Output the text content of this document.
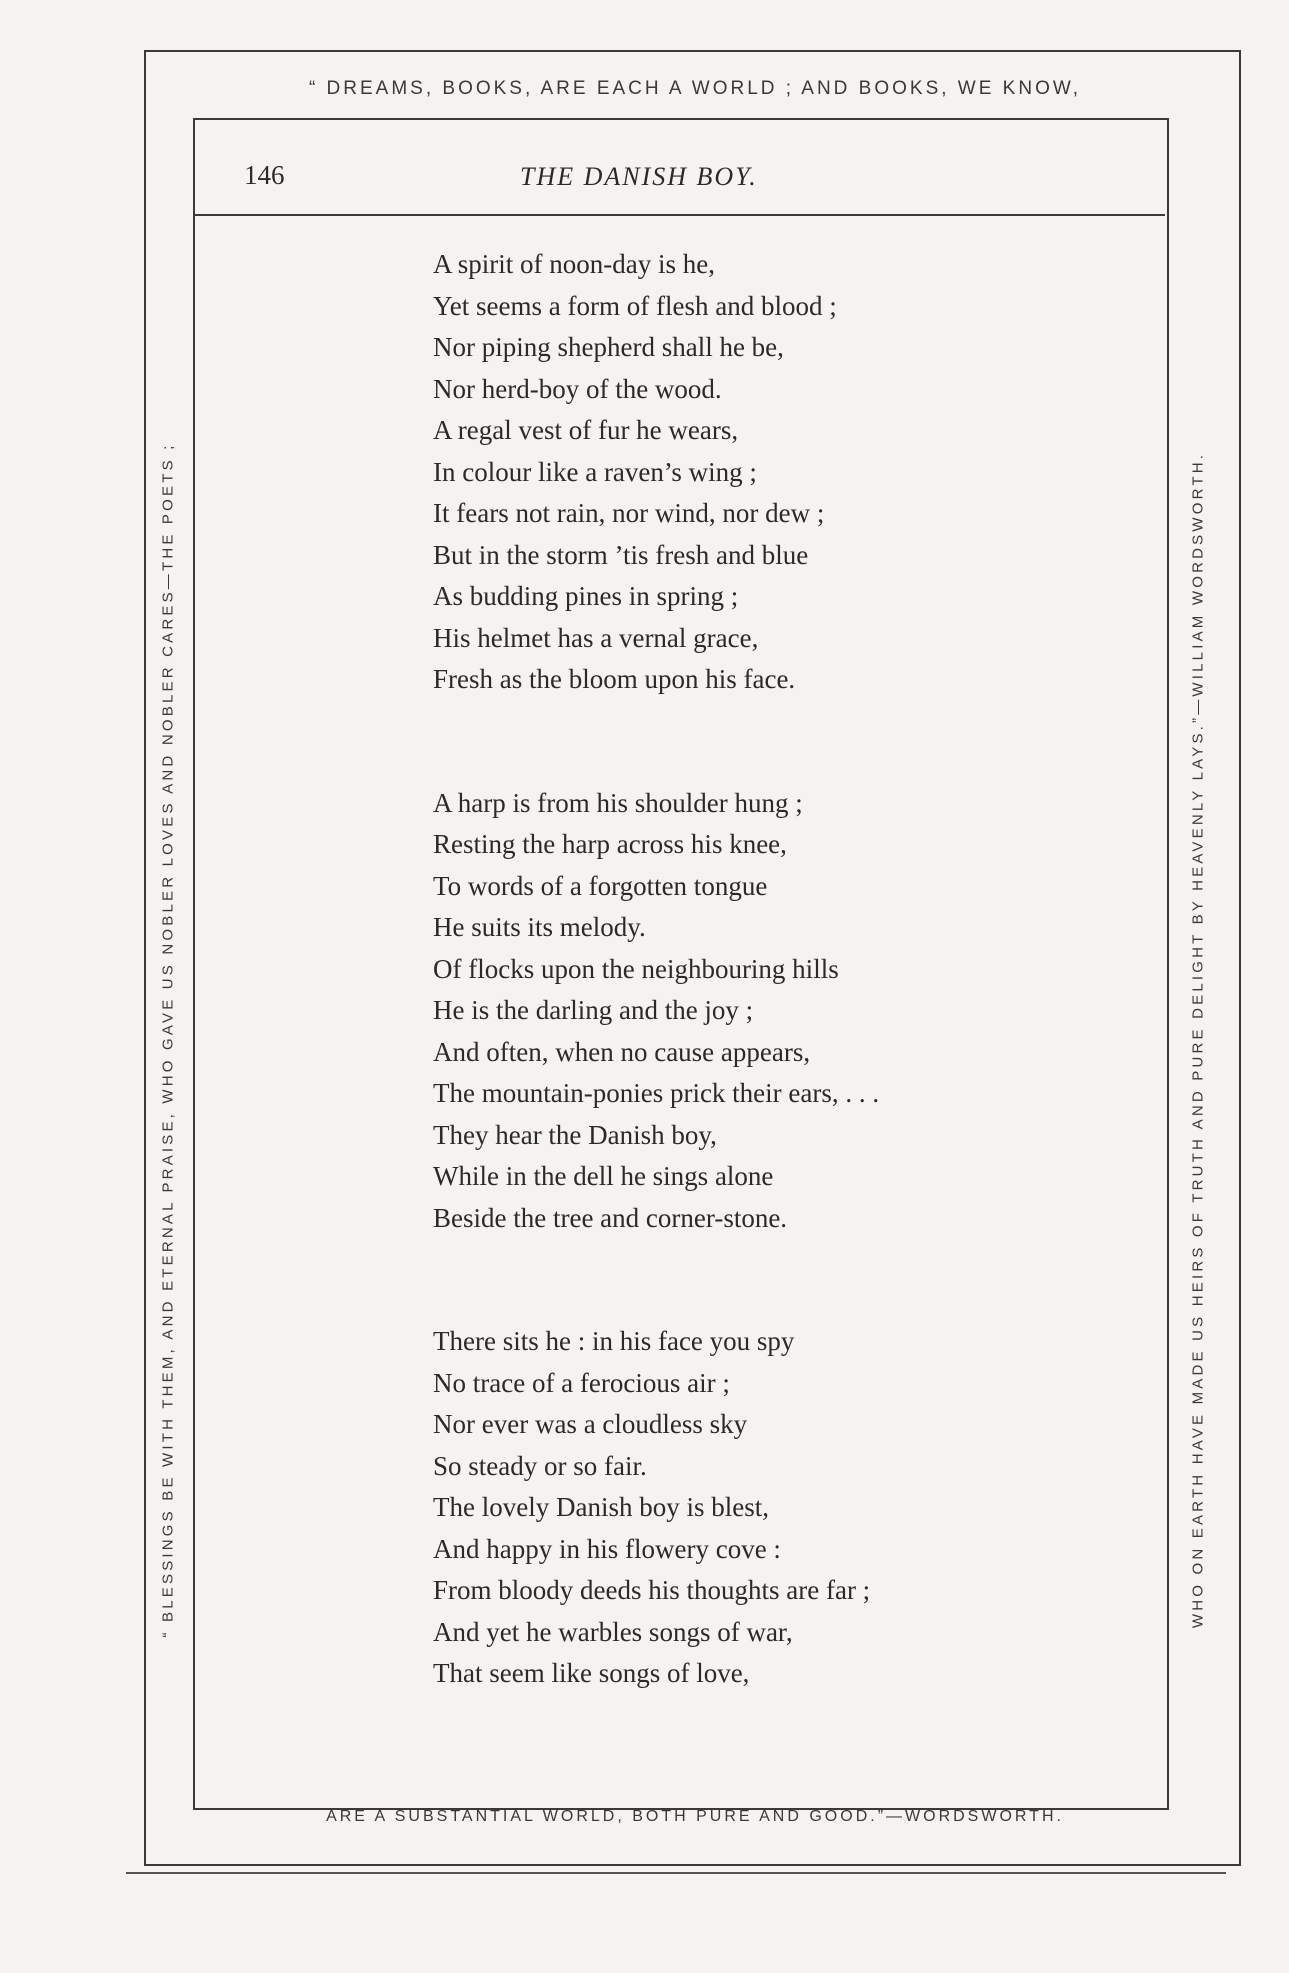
“ DREAMS, BOOKS, ARE EACH A WORLD ; AND BOOKS, WE KNOW,
ARE A SUBSTANTIAL WORLD, BOTH PURE AND GOOD.”—WORDSWORTH.
“ BLESSINGS BE WITH THEM, AND ETERNAL PRAISE, WHO GAVE US NOBLER LOVES AND NOBLER CARES—THE POETS ;	WHO ON EARTH HAVE MADE US HEIRS OF TRUTH AND PURE DELIGHT BY HEAVENLY LAYS.”—WILLIAM WORDSWORTH.
146	THE DANISH BOY.
A spirit of noon-day is he,
Yet seems a form of flesh and blood ;
Nor piping shepherd shall he be,
Nor herd-boy of the wood.
A regal vest of fur he wears,
In colour like a raven’s wing ;
It fears not rain, nor wind, nor dew ;
But in the storm ’tis fresh and blue
As budding pines in spring ;
His helmet has a vernal grace,
Fresh as the bloom upon his face.
A harp is from his shoulder hung ;
Resting the harp across his knee,
To words of a forgotten tongue
He suits its melody.
Of flocks upon the neighbouring hills
He is the darling and the joy ;
And often, when no cause appears,
The mountain-ponies prick their ears, . . .
They hear the Danish boy,
While in the dell he sings alone
Beside the tree and corner-stone.
There sits he : in his face you spy
No trace of a ferocious air ;
Nor ever was a cloudless sky
So steady or so fair.
The lovely Danish boy is blest,
And happy in his flowery cove :
From bloody deeds his thoughts are far ;
And yet he warbles songs of war,
That seem like songs of love,
